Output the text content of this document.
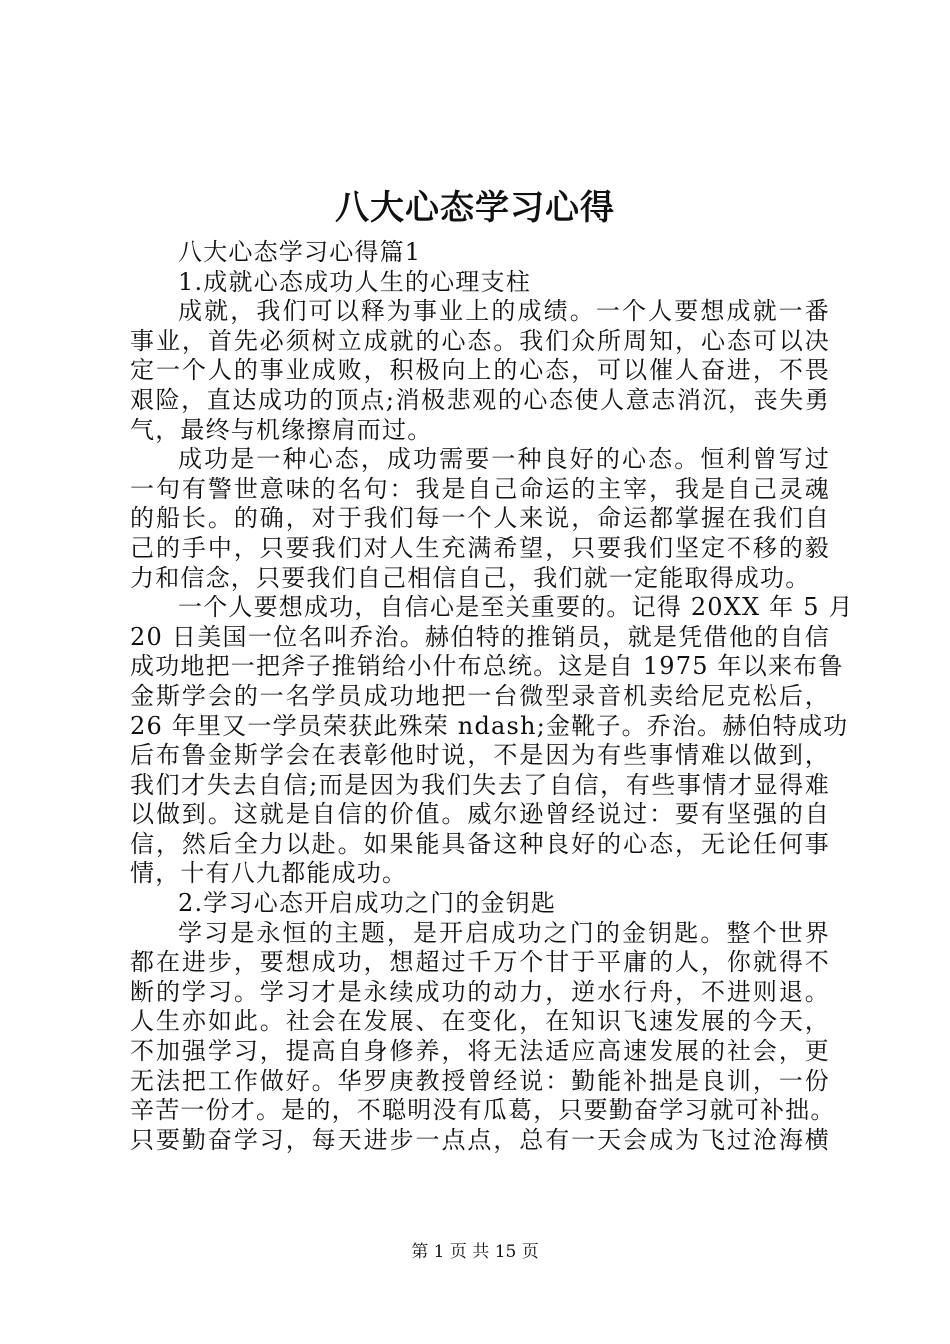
八大心态学习心得
八大心态学习心得篇1
1.成就心态成功人生的心理支柱
成就，我们可以释为事业上的成绩。一个人要想成就一番
事业，首先必须树立成就的心态。我们众所周知，心态可以决
定一个人的事业成败，积极向上的心态，可以催人奋进，不畏
艰险，直达成功的顶点;消极悲观的心态使人意志消沉，丧失勇
气，最终与机缘擦肩而过。
成功是一种心态，成功需要一种良好的心态。恒利曾写过
一句有警世意味的名句：我是自己命运的主宰，我是自己灵魂
的船长。的确，对于我们每一个人来说，命运都掌握在我们自
己的手中，只要我们对人生充满希望，只要我们坚定不移的毅
力和信念，只要我们自己相信自己，我们就一定能取得成功。
一个人要想成功，自信心是至关重要的。记得 20XX 年 5 月
20 日美国一位名叫乔治。赫伯特的推销员，就是凭借他的自信
成功地把一把斧子推销给小什布总统。这是自 1975 年以来布鲁
金斯学会的一名学员成功地把一台微型录音机卖给尼克松后，
26 年里又一学员荣获此殊荣 ndash;金靴子。乔治。赫伯特成功
后布鲁金斯学会在表彰他时说，不是因为有些事情难以做到，
我们才失去自信;而是因为我们失去了自信，有些事情才显得难
以做到。这就是自信的价值。威尔逊曾经说过：要有坚强的自
信，然后全力以赴。如果能具备这种良好的心态，无论任何事
情，十有八九都能成功。
2.学习心态开启成功之门的金钥匙
学习是永恒的主题，是开启成功之门的金钥匙。整个世界
都在进步，要想成功，想超过千万个甘于平庸的人，你就得不
断的学习。学习才是永续成功的动力，逆水行舟，不进则退。
人生亦如此。社会在发展、在变化，在知识飞速发展的今天，
不加强学习，提高自身修养，将无法适应高速发展的社会，更
无法把工作做好。华罗庚教授曾经说：勤能补拙是良训，一份
辛苦一份才。是的，不聪明没有瓜葛，只要勤奋学习就可补拙。
只要勤奋学习，每天进步一点点，总有一天会成为飞过沧海横
第 1 页 共 15 页
